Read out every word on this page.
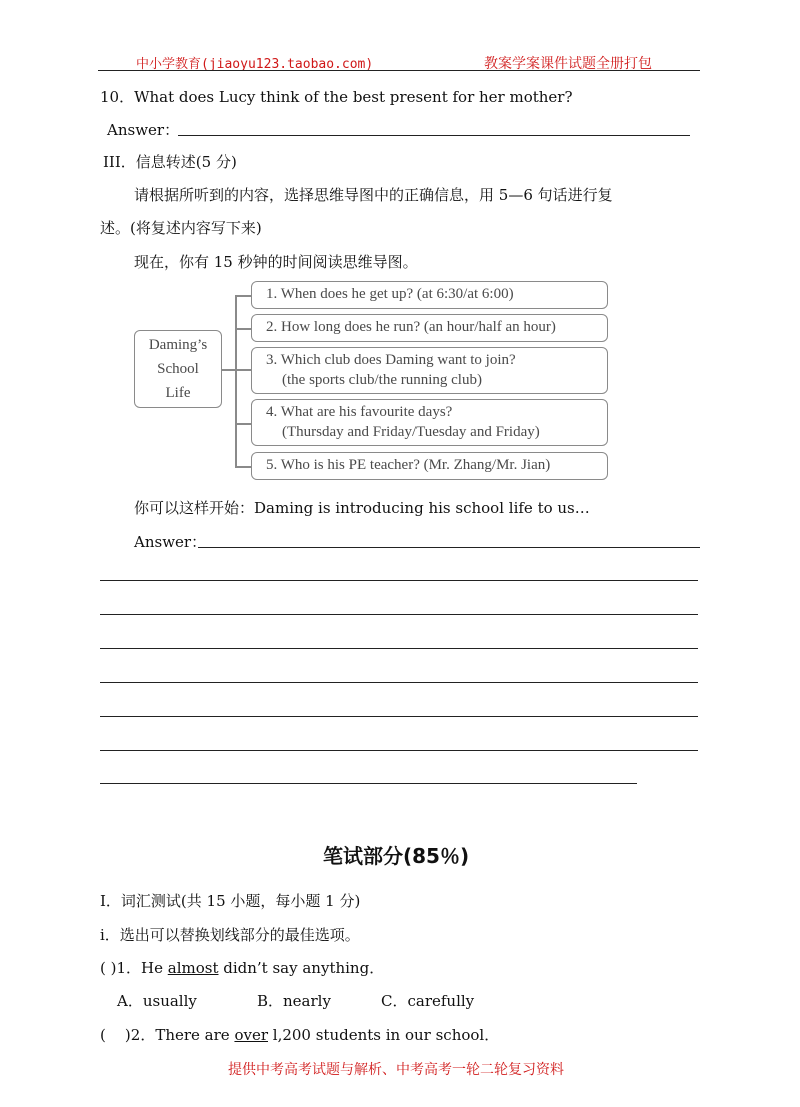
中小学教育(jiaoyu123.taobao.com)	教案学案课件试题全册打包
10．What does Lucy think of the best present for her mother?
Answer：
III．信息转述(5 分)
请根据所听到的内容，选择思维导图中的正确信息，用 5—6 句话进行复
述。(将复述内容写下来)
现在，你有 15 秒钟的时间阅读思维导图。
Daming’s
School
Life
1. When does he get up? (at 6:30/at 6:00)
2. How long does he run? (an hour/half an hour)
3. Which club does Daming want to join?
(the sports club/the running club)
4. What are his favourite days?
(Thursday and Friday/Tuesday and Friday)
5. Who is his PE teacher? (Mr. Zhang/Mr. Jian)
你可以这样开始：Daming is introducing his school life to us…
Answer：
笔试部分(85％)
I．词汇测试(共 15 小题，每小题 1 分)
i．选出可以替换划线部分的最佳选项。
( )1．He almost didn’t say anything．
A．usually	B．nearly	C．carefully
(    )2．There are over l,200 students in our school．
提供中考高考试题与解析、中考高考一轮二轮复习资料
